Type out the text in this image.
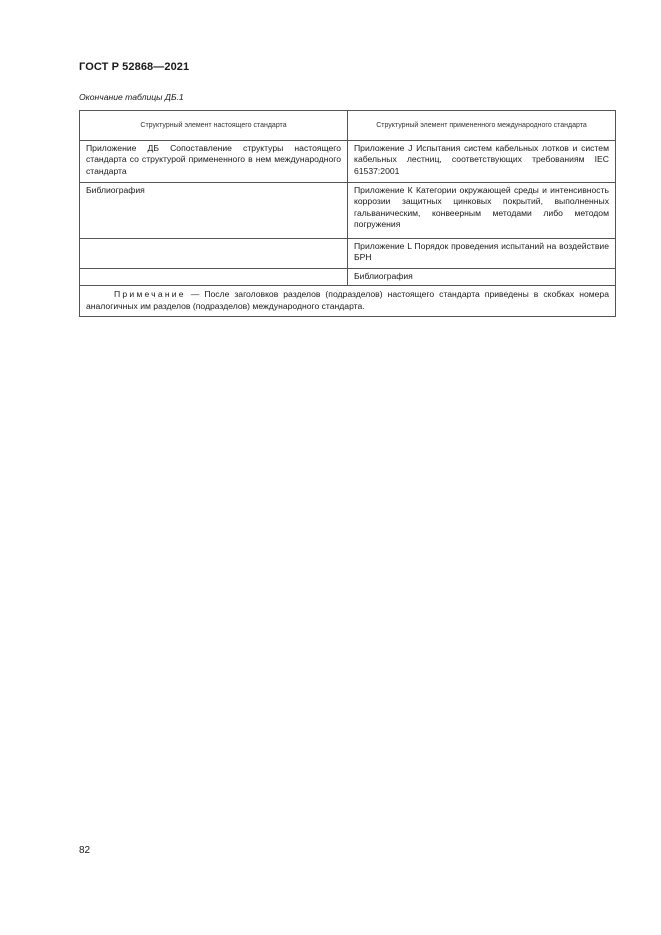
ГОСТ Р 52868—2021
Окончание таблицы ДБ.1
Структурный элемент настоящего стандарта	Структурный элемент примененного международного стандарта
Приложение ДБ Сопоставление структуры настоящего стандарта со структурой примененного в нем международного стандарта	Приложение J Испытания систем кабельных лотков и систем кабельных лестниц, соответствующих требованиям IEC 61537:2001
Библиография	Приложение К Категории окружающей среды и интенсивность коррозии защитных цинковых покрытий, выполненных гальваническим, конвеерным методами либо методом погружения
	Приложение L Порядок проведения испытаний на воздействие БРН
	Библиография
Примечание — После заголовков разделов (подразделов) настоящего стандарта приведены в скобках номера аналогичных им разделов (подразделов) международного стандарта.	
82
